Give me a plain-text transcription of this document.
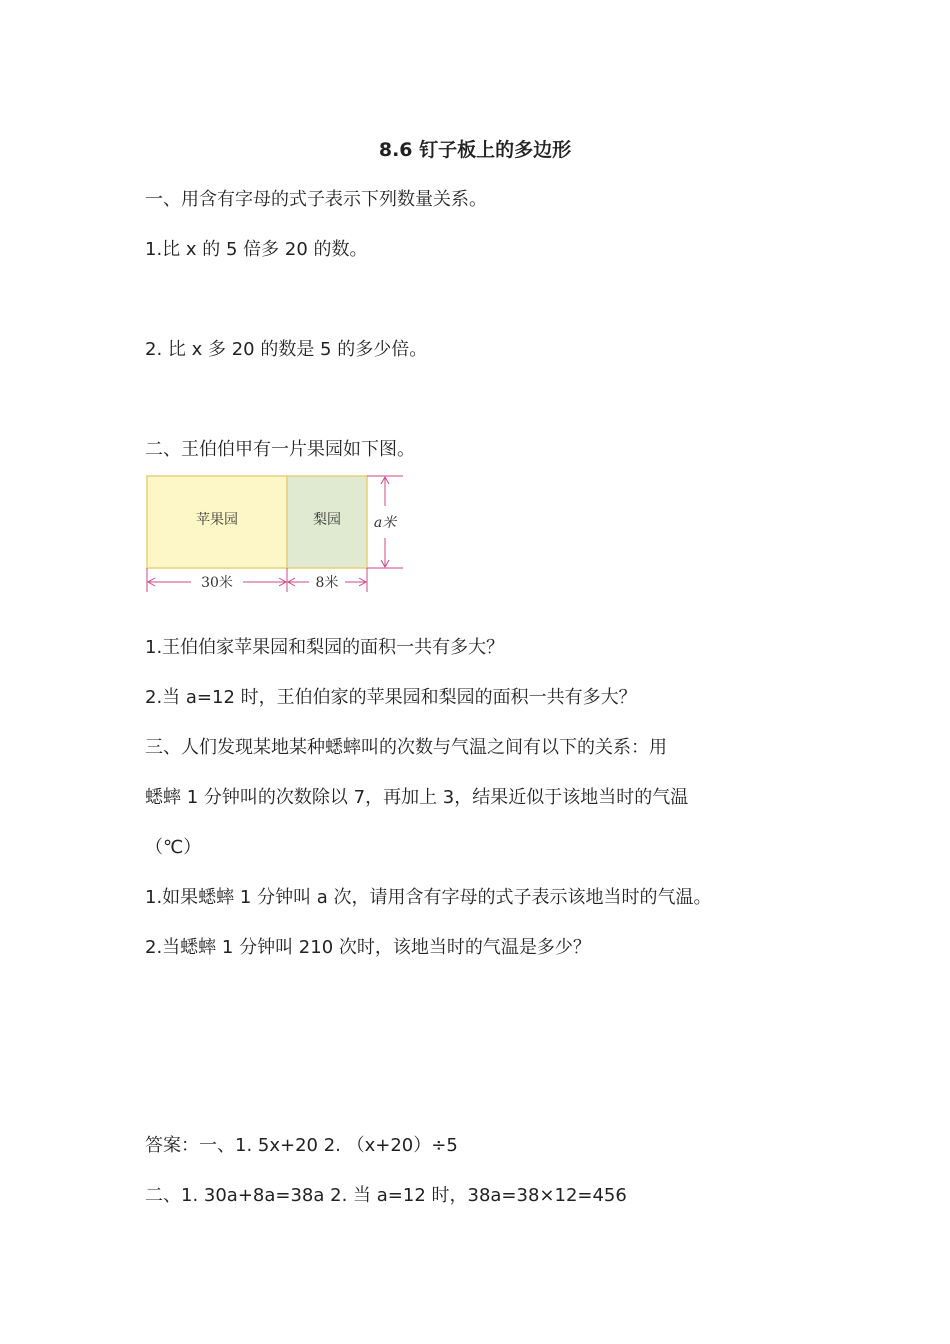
8.6 钉子板上的多边形
一、用含有字母的式子表示下列数量关系。
1.比 x 的 5 倍多 20 的数。
2. 比 x 多 20 的数是 5 的多少倍。
二、王伯伯甲有一片果园如下图。
苹果园	梨园 a米
30米	8米
1.王伯伯家苹果园和梨园的面积一共有多大？
2.当 a=12 时，王伯伯家的苹果园和梨园的面积一共有多大？
三、人们发现某地某种蟋蟀叫的次数与气温之间有以下的关系：用
蟋蟀 1 分钟叫的次数除以 7，再加上 3，结果近似于该地当时的气温
（℃）
1.如果蟋蟀 1 分钟叫 a 次，请用含有字母的式子表示该地当时的气温。
2.当蟋蟀 1 分钟叫 210 次时，该地当时的气温是多少？
答案：一、1. 5x+20 2. （x+20）÷5
二、1. 30a+8a=38a 2. 当 a=12 时，38a=38×12=456
